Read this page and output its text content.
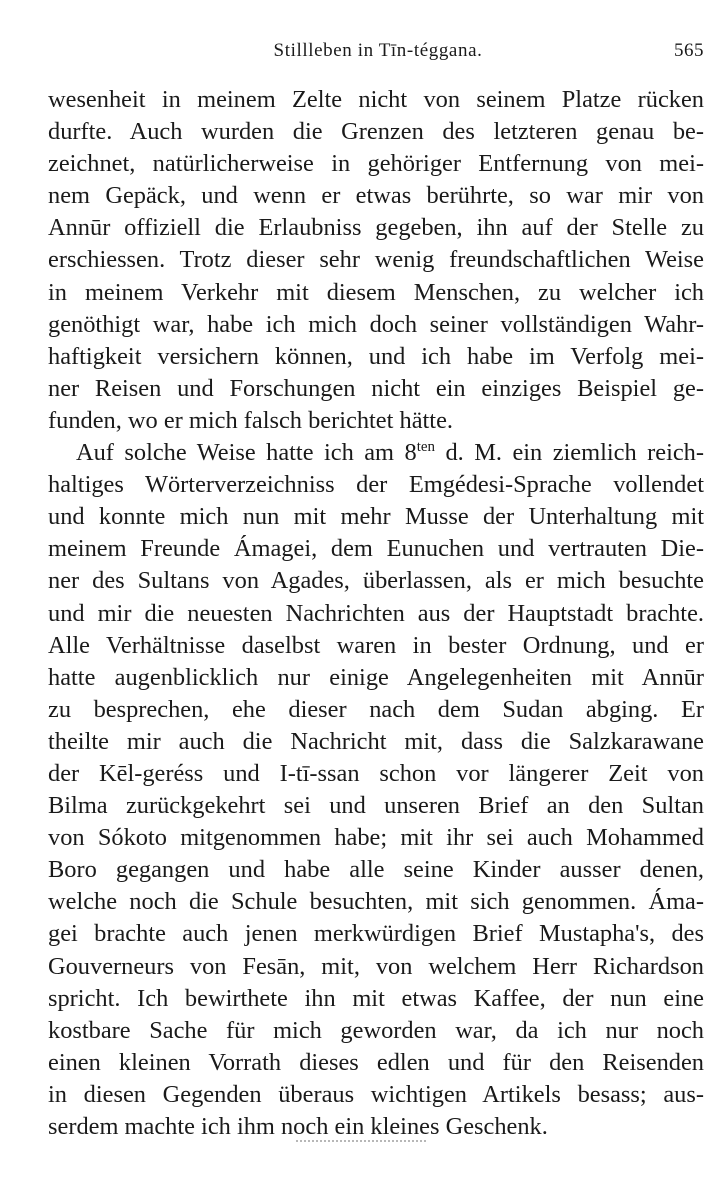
Stillleben in Tīn-téggana.	565
wesenheit in meinem Zelte nicht von seinem Platze rücken
durfte. Auch wurden die Grenzen des letzteren genau be-
zeichnet, natürlicherweise in gehöriger Entfernung von mei-
nem Gepäck, und wenn er etwas berührte, so war mir von
Annūr offiziell die Erlaubniss gegeben, ihn auf der Stelle zu
erschiessen. Trotz dieser sehr wenig freundschaftlichen Weise
in meinem Verkehr mit diesem Menschen, zu welcher ich
genöthigt war, habe ich mich doch seiner vollständigen Wahr-
haftigkeit versichern können, und ich habe im Verfolg mei-
ner Reisen und Forschungen nicht ein einziges Beispiel ge-
funden, wo er mich falsch berichtet hätte.
Auf solche Weise hatte ich am $8^{ten}$ d. M. ein ziemlich reich-
haltiges Wörterverzeichniss der Emgédesi-Sprache vollendet
und konnte mich nun mit mehr Musse der Unterhaltung mit
meinem Freunde Ámagei, dem Eunuchen und vertrauten Die-
ner des Sultans von Agades, überlassen, als er mich besuchte
und mir die neuesten Nachrichten aus der Hauptstadt brachte.
Alle Verhältnisse daselbst waren in bester Ordnung, und er
hatte augenblicklich nur einige Angelegenheiten mit Annūr
zu besprechen, ehe dieser nach dem Sudan abging. Er
theilte mir auch die Nachricht mit, dass die Salzkarawane
der Kēl-geréss und I-tī-ssan schon vor längerer Zeit von
Bilma zurückgekehrt sei und unseren Brief an den Sultan
von Sókoto mitgenommen habe; mit ihr sei auch Mohammed
Boro gegangen und habe alle seine Kinder ausser denen,
welche noch die Schule besuchten, mit sich genommen. Áma-
gei brachte auch jenen merkwürdigen Brief Mustapha's, des
Gouverneurs von Fesān, mit, von welchem Herr Richardson
spricht. Ich bewirthete ihn mit etwas Kaffee, der nun eine
kostbare Sache für mich geworden war, da ich nur noch
einen kleinen Vorrath dieses edlen und für den Reisenden
in diesen Gegenden überaus wichtigen Artikels besass; aus-
serdem machte ich ihm noch ein kleines Geschenk.
